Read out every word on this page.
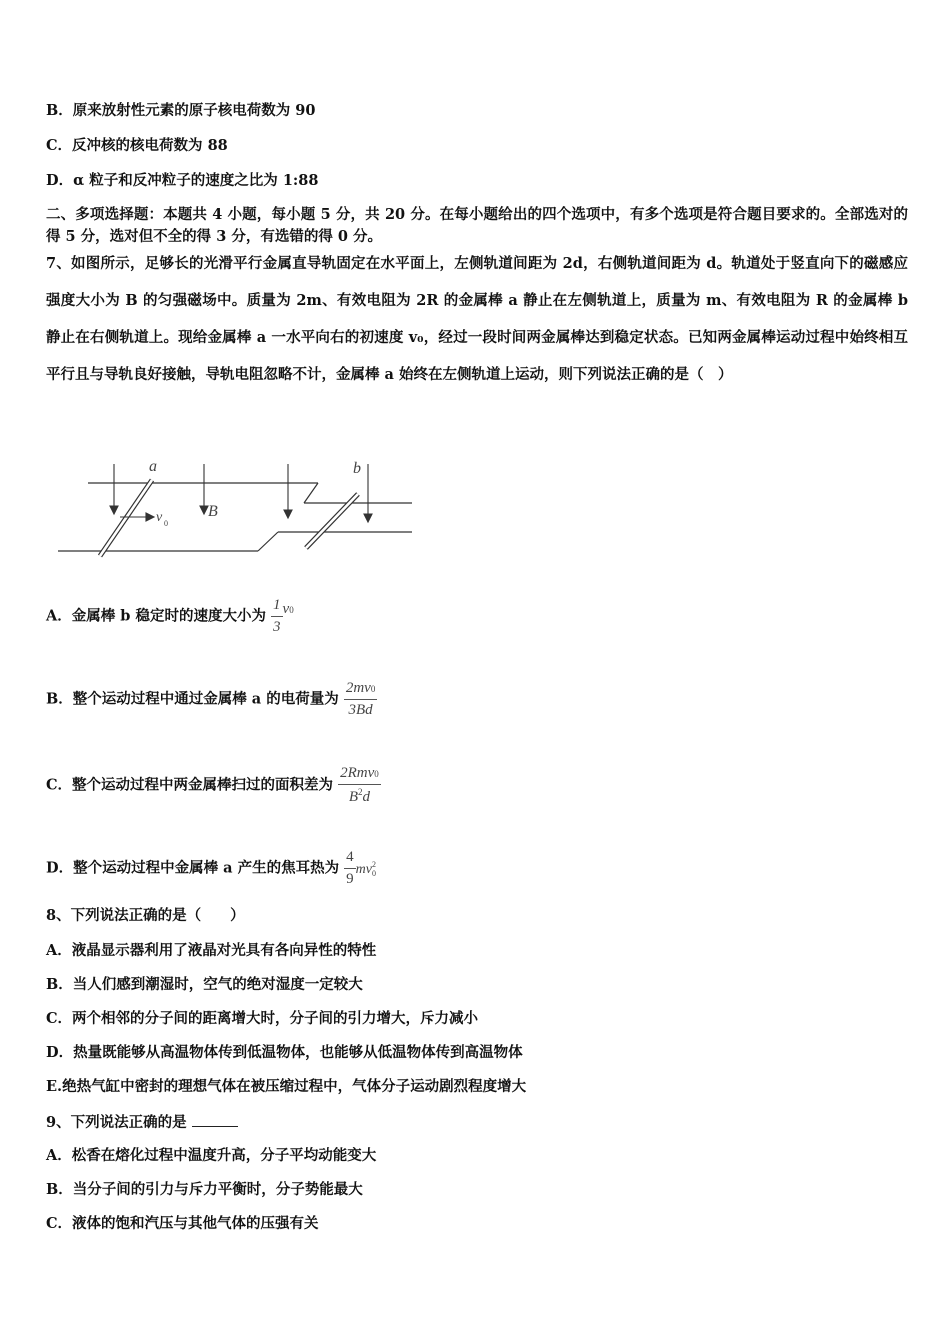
B．原来放射性元素的原子核电荷数为 90
C．反冲核的核电荷数为 88
D．α 粒子和反冲粒子的速度之比为 1:88
二、多项选择题：本题共 4 小题，每小题 5 分，共 20 分。在每小题给出的四个选项中，有多个选项是符合题目要求的。全部选对的得 5 分，选对但不全的得 3 分，有选错的得 0 分。
7、如图所示，足够长的光滑平行金属直导轨固定在水平面上，左侧轨道间距为 2d，右侧轨道间距为 d。轨道处于竖直向下的磁感应强度大小为 B 的匀强磁场中。质量为 2m、有效电阻为 2R 的金属棒 a 静止在左侧轨道上，质量为 m、有效电阻为 R 的金属棒 b 静止在右侧轨道上。现给金属棒 a 一水平向右的初速度 v₀，经过一段时间两金属棒达到稳定状态。已知两金属棒运动过程中始终相互平行且与导轨良好接触，导轨电阻忽略不计，金属棒 a 始终在左侧轨道上运动，则下列说法正确的是（　）
a	b
B
v 0
A．金属棒 b 稳定时的速度大小为 $\frac{1}{3} v0$
B．整个运动过程中通过金属棒 a 的电荷量为 $\frac{2mv0}{3Bd}$
C．整个运动过程中两金属棒扫过的面积差为 $\frac{\text{2Rmv0}}{B^2d}$
D．整个运动过程中金属棒 a 产生的焦耳热为 $\frac{4}{9}$ mv 2
0
8、下列说法正确的是（　　）
A．液晶显示器利用了液晶对光具有各向异性的特性
B．当人们感到潮湿时，空气的绝对湿度一定较大
C．两个相邻的分子间的距离增大时，分子间的引力增大，斥力减小
D．热量既能够从高温物体传到低温物体，也能够从低温物体传到高温物体
E.绝热气缸中密封的理想气体在被压缩过程中，气体分子运动剧烈程度增大
9、下列说法正确的是
A．松香在熔化过程中温度升高，分子平均动能变大
B．当分子间的引力与斥力平衡时，分子势能最大
C．液体的饱和汽压与其他气体的压强有关
